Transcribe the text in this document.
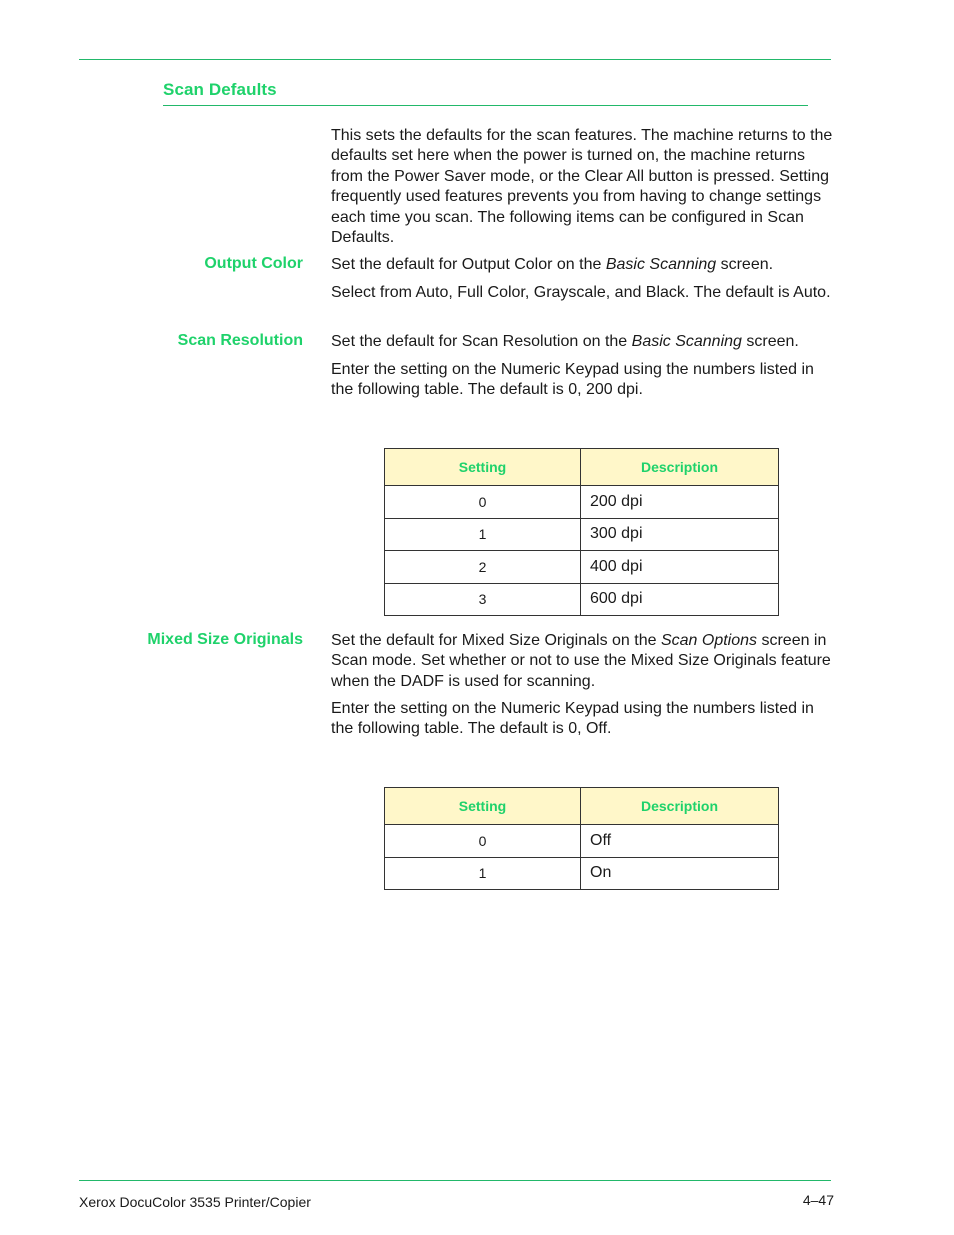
Scan Defaults

This sets the defaults for the scan features. The machine returns to the defaults set here when the power is turned on, the machine returns from the Power Saver mode, or the Clear All button is pressed. Setting frequently used features prevents you from having to change settings each time you scan. The following items can be configured in Scan Defaults.

Output Color Set the default for Output Color on the Basic Scanning screen.

Select from Auto, Full Color, Grayscale, and Black. The default is Auto.

Scan Resolution Set the default for Scan Resolution on the Basic Scanning screen.

Enter the setting on the Numeric Keypad using the numbers listed in the following table. The default is 0, 200 dpi.

Setting	Description
0	200 dpi
1	300 dpi
2	400 dpi
3	600 dpi
Mixed Size Originals Set the default for Mixed Size Originals on the Scan Options screen in Scan mode. Set whether or not to use the Mixed Size Originals feature when the DADF is used for scanning.

Enter the setting on the Numeric Keypad using the numbers listed in the following table. The default is 0, Off.

Setting	Description
0	Off
1	On
Xerox DocuColor 3535 Printer/Copier	4–47
